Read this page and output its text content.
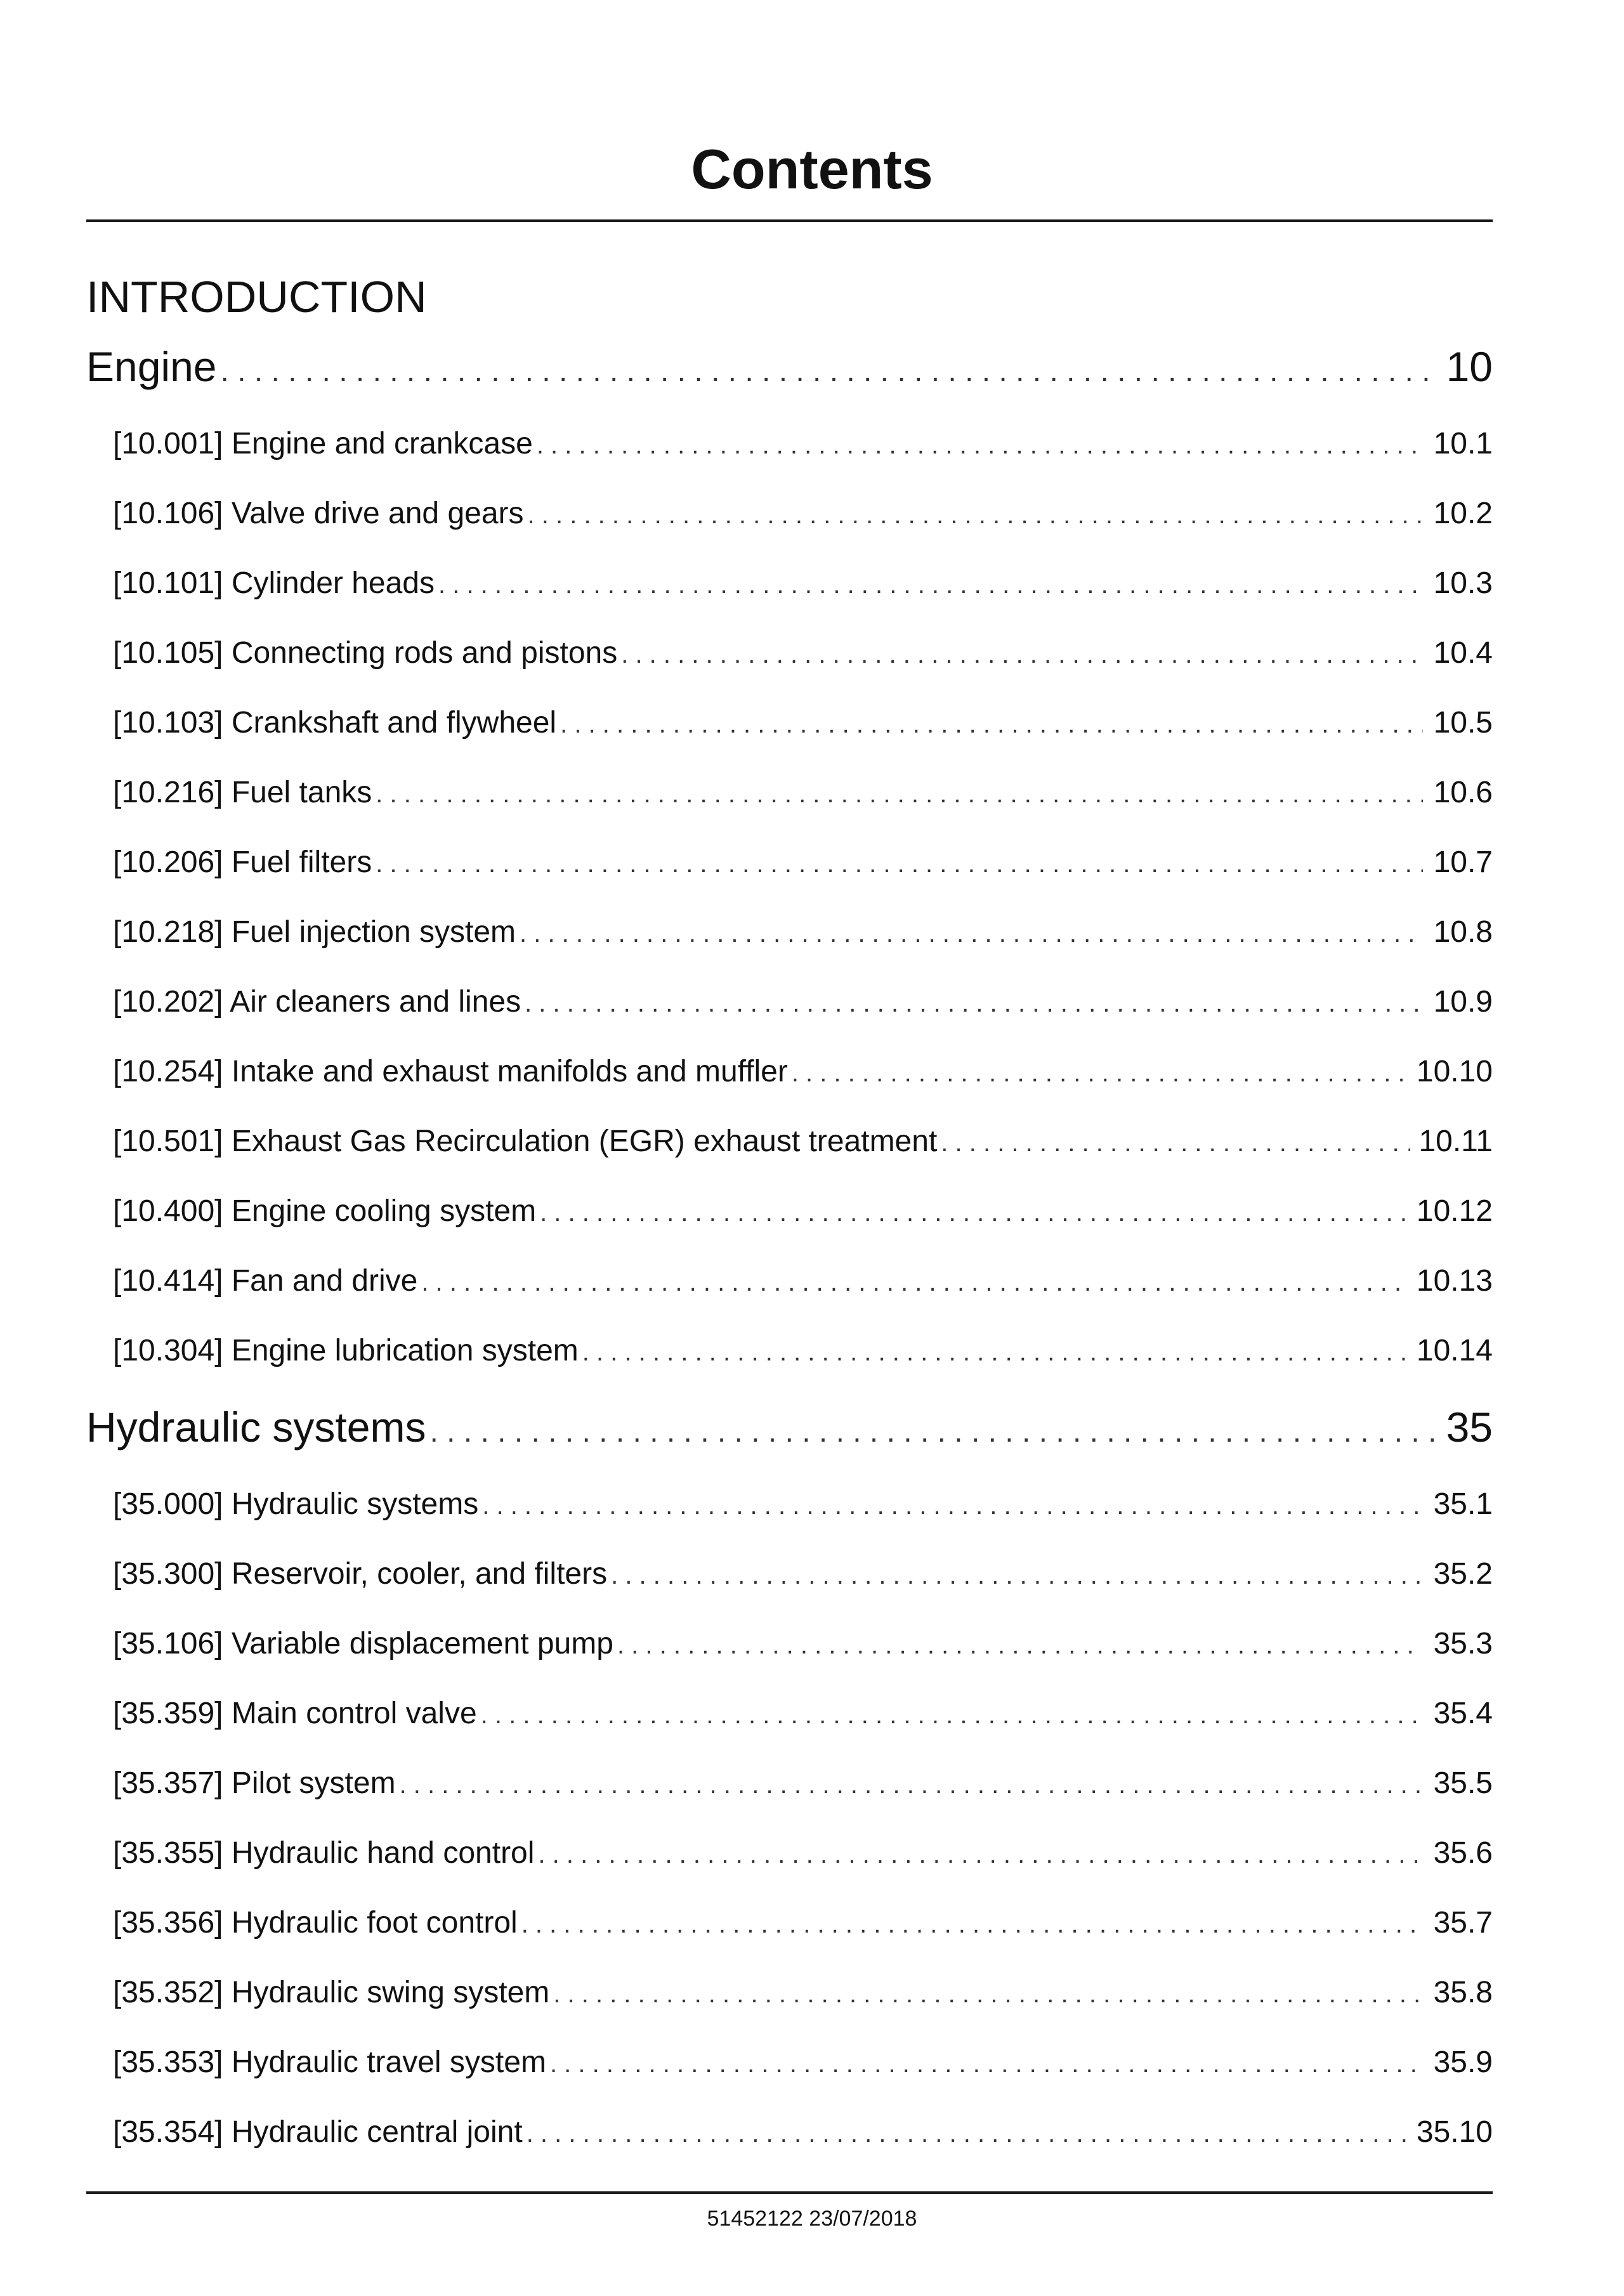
Contents
INTRODUCTION
Engine . . .	10
[10.001] Engine and crankcase . . .	10.1
[10.106] Valve drive and gears . . .	10.2
[10.101] Cylinder heads . . .	10.3
[10.105] Connecting rods and pistons . . .	10.4
[10.103] Crankshaft and flywheel . . .	10.5
[10.216] Fuel tanks . . .	10.6
[10.206] Fuel filters . . .	10.7
[10.218] Fuel injection system . . .	10.8
[10.202] Air cleaners and lines . . .	10.9
[10.254] Intake and exhaust manifolds and muffler . . .	10.10
[10.501] Exhaust Gas Recirculation (EGR) exhaust treatment . . .	10.11
[10.400] Engine cooling system . . .	10.12
[10.414] Fan and drive . . .	10.13
[10.304] Engine lubrication system . . .	10.14
Hydraulic systems . . .	35
[35.000] Hydraulic systems . . .	35.1
[35.300] Reservoir, cooler, and filters . . .	35.2
[35.106] Variable displacement pump . . .	35.3
[35.359] Main control valve . . .	35.4
[35.357] Pilot system . . .	35.5
[35.355] Hydraulic hand control . . .	35.6
[35.356] Hydraulic foot control . . .	35.7
[35.352] Hydraulic swing system . . .	35.8
[35.353] Hydraulic travel system . . .	35.9
[35.354] Hydraulic central joint . . .	35.10
51452122 23/07/2018
